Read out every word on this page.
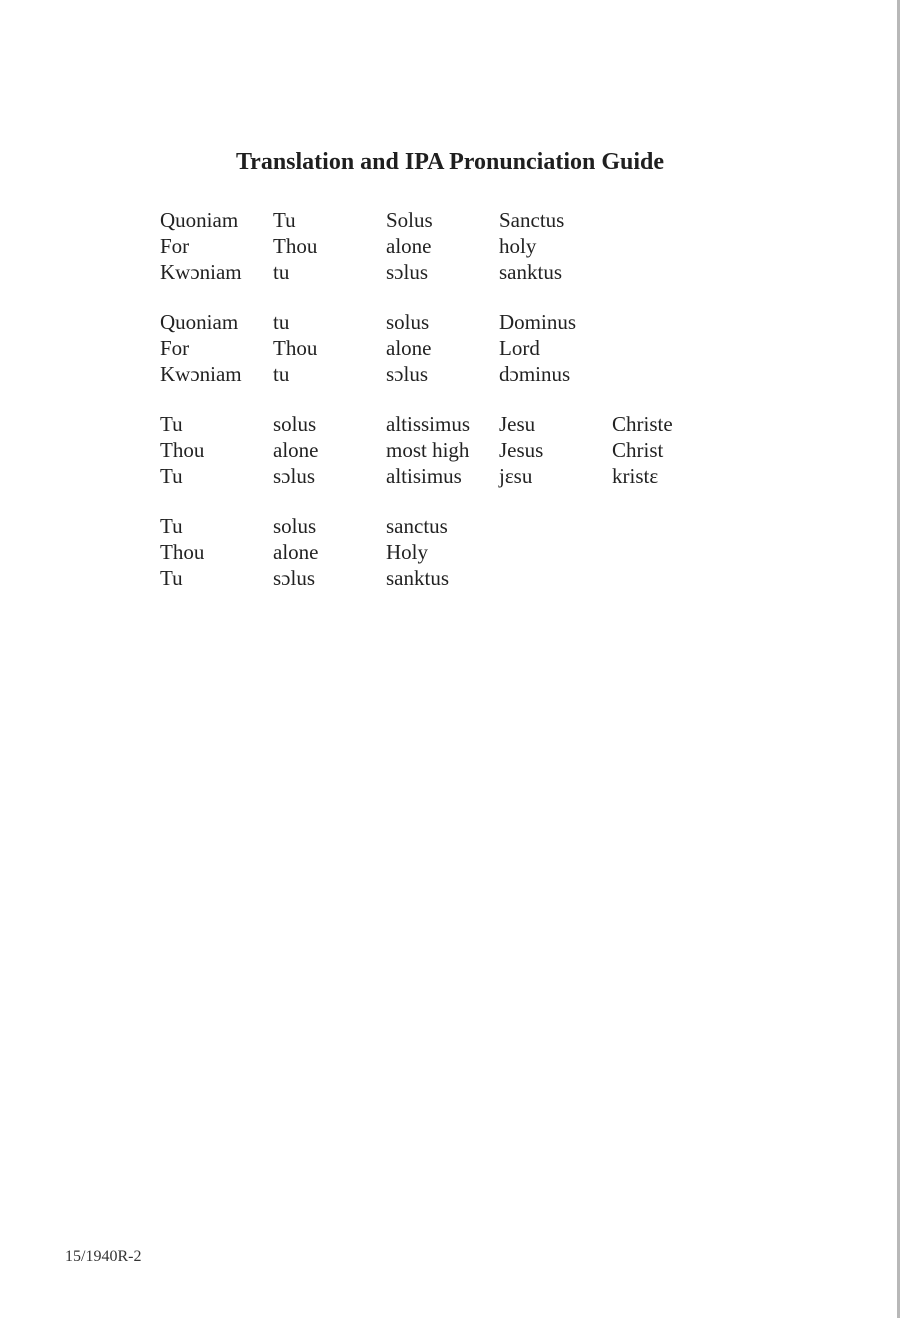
Translation and IPA Pronunciation Guide
Quoniam	Tu	Solus	Sanctus
For	Thou	alone	holy
Kwɔniam	tu	sɔlus	sanktus
Quoniam	tu	solus	Dominus
For	Thou	alone	Lord
Kwɔniam	tu	sɔlus	dɔminus
Tu	solus	altissimus	Jesu	Christe
Thou	alone	most high	Jesus	Christ
Tu	sɔlus	altisimus	jɛsu	kristɛ
Tu	solus	sanctus
Thou	alone	Holy
Tu	sɔlus	sanktus
15/1940R-2
